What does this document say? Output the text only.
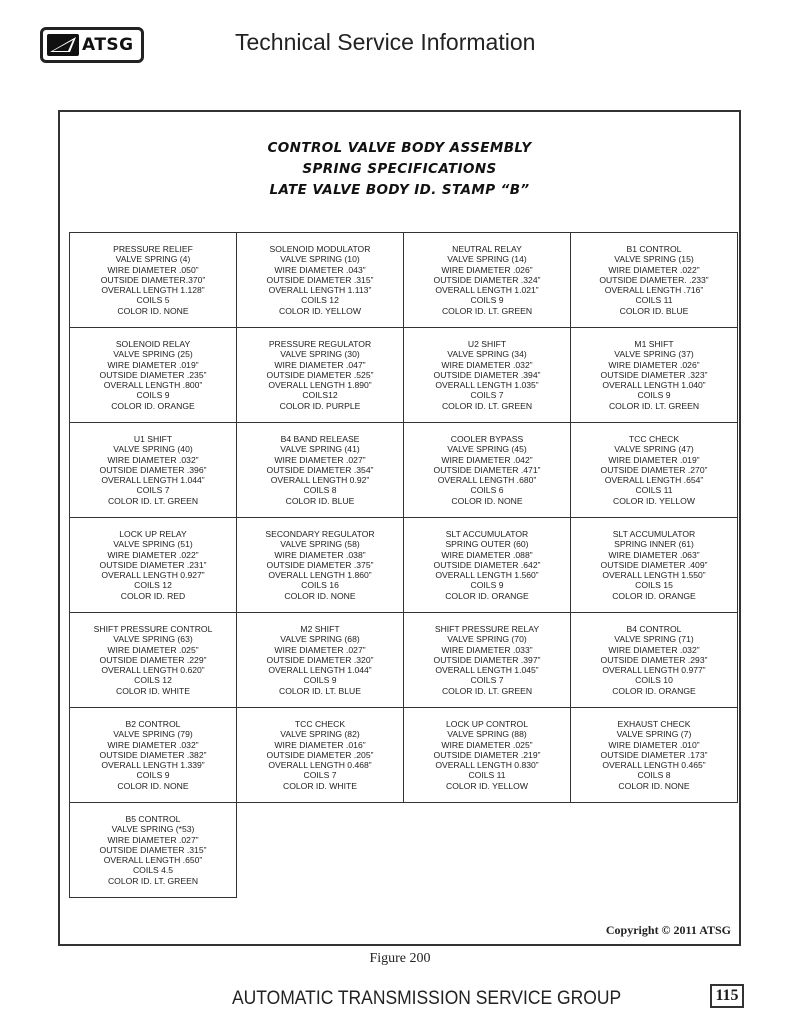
ATSG	Technical Service Information
CONTROL VALVE BODY ASSEMBLY
SPRING SPECIFICATIONS
LATE VALVE BODY ID. STAMP “B”
PRESSURE RELIEF
VALVE SPRING (4)
WIRE DIAMETER .050”
OUTSIDE DIAMETER.370”
OVERALL LENGTH 1.128”
COILS 5
COLOR ID. NONE
SOLENOID MODULATOR
VALVE SPRING (10)
WIRE DIAMETER .043”
OUTSIDE DIAMETER .315”
OVERALL LENGTH 1.113”
COILS 12
COLOR ID. YELLOW
NEUTRAL RELAY
VALVE SPRING (14)
WIRE DIAMETER .026”
OUTSIDE DIAMETER .324”
OVERALL LENGTH 1.021”
COILS 9
COLOR ID. LT. GREEN
B1 CONTROL
VALVE SPRING (15)
WIRE DIAMETER .022”
OUTSIDE DIAMETER. .233”
OVERALL LENGTH .716”
COILS 11
COLOR ID. BLUE
SOLENOID RELAY
VALVE SPRING (25)
WIRE DIAMETER .019”
OUTSIDE DIAMETER .235”
OVERALL LENGTH .800”
COILS 9
COLOR ID. ORANGE
PRESSURE REGULATOR
VALVE SPRING (30)
WIRE DIAMETER .047”
OUTSIDE DIAMETER .525”
OVERALL LENGTH 1.890”
COILS12
COLOR ID. PURPLE
U2 SHIFT
VALVE SPRING (34)
WIRE DIAMETER .032”
OUTSIDE DIAMETER .394”
OVERALL LENGTH 1.035”
COILS 7
COLOR ID. LT. GREEN
M1 SHIFT
VALVE SPRING (37)
WIRE DIAMETER .026”
OUTSIDE DIAMETER .323”
OVERALL LENGTH 1.040”
COILS 9
COLOR ID. LT. GREEN
U1 SHIFT
VALVE SPRING (40)
WIRE DIAMETER .032”
OUTSIDE DIAMETER .396”
OVERALL LENGTH 1.044”
COILS 7
COLOR ID. LT. GREEN
B4 BAND RELEASE
VALVE SPRING (41)
WIRE DIAMETER .027”
OUTSIDE DIAMETER .354”
OVERALL LENGTH 0.92”
COILS 8
COLOR ID. BLUE
COOLER BYPASS
VALVE SPRING (45)
WIRE DIAMETER .042”
OUTSIDE DIAMETER .471”
OVERALL LENGTH .680”
COILS 6
COLOR ID. NONE
TCC CHECK
VALVE SPRING (47)
WIRE DIAMETER .019”
OUTSIDE DIAMETER .270”
OVERALL LENGTH .654”
COILS 11
COLOR ID. YELLOW
LOCK UP RELAY
VALVE SPRING (51)
WIRE DIAMETER .022”
OUTSIDE DIAMETER .231”
OVERALL LENGTH 0.927”
COILS 12
COLOR ID. RED
SECONDARY REGULATOR
VALVE SPRING (58)
WIRE DIAMETER .038”
OUTSIDE DIAMETER .375”
OVERALL LENGTH 1.860”
COILS 16
COLOR ID. NONE
SLT ACCUMULATOR
SPRING OUTER (60)
WIRE DIAMETER .088”
OUTSIDE DIAMETER .642”
OVERALL LENGTH 1.560”
COILS 9
COLOR ID. ORANGE
SLT ACCUMULATOR
SPRING INNER (61)
WIRE DIAMETER .063”
OUTSIDE DIAMETER .409”
OVERALL LENGTH 1.550”
COILS 15
COLOR ID. ORANGE
SHIFT PRESSURE CONTROL
VALVE SPRING (63)
WIRE DIAMETER .025”
OUTSIDE DIAMETER .229”
OVERALL LENGTH 0.620”
COILS 12
COLOR ID. WHITE
M2 SHIFT
VALVE SPRING (68)
WIRE DIAMETER .027”
OUTSIDE DIAMETER .320”
OVERALL LENGTH 1.044”
COILS 9
COLOR ID. LT. BLUE
SHIFT PRESSURE RELAY
VALVE SPRING (70)
WIRE DIAMETER .033”
OUTSIDE DIAMETER .397”
OVERALL LENGTH 1.045”
COILS 7
COLOR ID. LT. GREEN
B4 CONTROL
VALVE SPRING (71)
WIRE DIAMETER .032”
OUTSIDE DIAMETER .293”
OVERALL LENGTH 0.977”
COILS 10
COLOR ID. ORANGE
B2 CONTROL
VALVE SPRING (79)
WIRE DIAMETER .032”
OUTSIDE DIAMETER .382”
OVERALL LENGTH 1.339”
COILS 9
COLOR ID. NONE
TCC CHECK
VALVE SPRING (82)
WIRE DIAMETER .016”
OUTSIDE DIAMETER .205”
OVERALL LENGTH 0.468”
COILS 7
COLOR ID. WHITE
LOCK UP CONTROL
VALVE SPRING (88)
WIRE DIAMETER .025”
OUTSIDE DIAMETER .219”
OVERALL LENGTH 0.830”
COILS 11
COLOR ID. YELLOW
EXHAUST CHECK
VALVE SPRING (7)
WIRE DIAMETER .010”
OUTSIDE DIAMETER .173”
OVERALL LENGTH 0.465”
COILS 8
COLOR ID. NONE
B5 CONTROL
VALVE SPRING (*53)
WIRE DIAMETER .027”
OUTSIDE DIAMETER .315”
OVERALL LENGTH .650”
COILS 4.5
COLOR ID. LT. GREEN
Copyright © 2011 ATSG
Figure 200
AUTOMATIC TRANSMISSION SERVICE GROUP	115
